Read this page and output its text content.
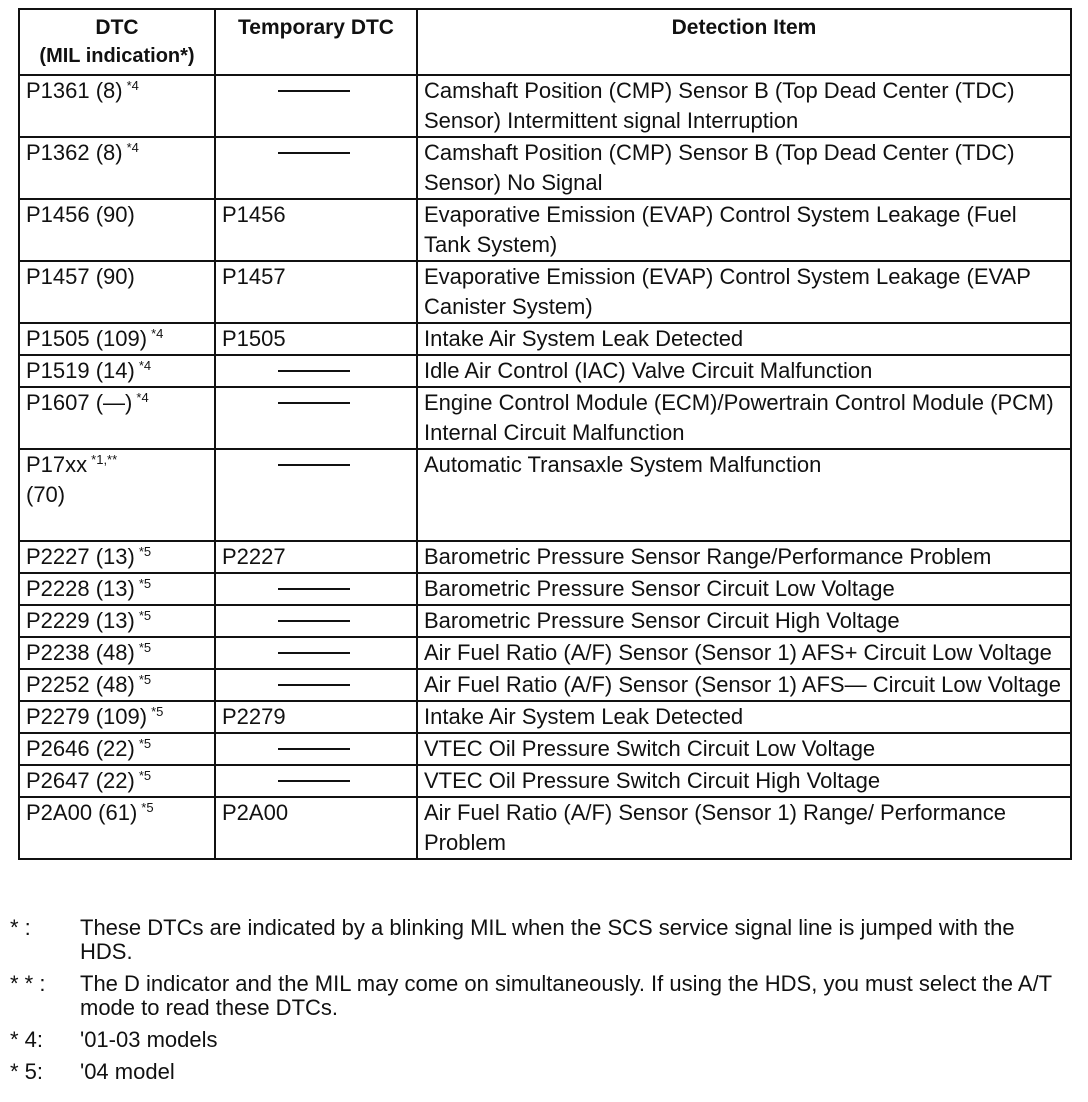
DTC
(MIL indication*)	Temporary DTC	Detection Item
P1361 (8) $^{*4}$		Camshaft Position (CMP) Sensor B (Top Dead Center (TDC) Sensor) Intermittent signal Interruption
P1362 (8) $^{*4}$		Camshaft Position (CMP) Sensor B (Top Dead Center (TDC) Sensor) No Signal
P1456 (90)	P1456	Evaporative Emission (EVAP) Control System Leakage (Fuel Tank System)
P1457 (90)	P1457	Evaporative Emission (EVAP) Control System Leakage (EVAP Canister System)
P1505 (109) $^{*4}$	P1505	Intake Air System Leak Detected
P1519 (14) $^{*4}$		Idle Air Control (IAC) Valve Circuit Malfunction
P1607 (—) $^{*4}$		Engine Control Module (ECM)/Powertrain Control Module (PCM) Internal Circuit Malfunction
P17xx $^{*1,**}$
(70)		Automatic Transaxle System Malfunction
P2227 (13) $^{*5}$	P2227	Barometric Pressure Sensor Range/Performance Problem
P2228 (13) $^{*5}$		Barometric Pressure Sensor Circuit Low Voltage
P2229 (13) $^{*5}$		Barometric Pressure Sensor Circuit High Voltage
P2238 (48) $^{*5}$		Air Fuel Ratio (A/F) Sensor (Sensor 1) AFS+ Circuit Low Voltage
P2252 (48) $^{*5}$		Air Fuel Ratio (A/F) Sensor (Sensor 1) AFS— Circuit Low Voltage
P2279 (109) $^{*5}$	P2279	Intake Air System Leak Detected
P2646 (22) $^{*5}$		VTEC Oil Pressure Switch Circuit Low Voltage
P2647 (22) $^{*5}$		VTEC Oil Pressure Switch Circuit High Voltage
P2A00 (61) $^{*5}$	P2A00	Air Fuel Ratio (A/F) Sensor (Sensor 1) Range/ Performance Problem
* :	These DTCs are indicated by a blinking MIL when the SCS service signal line is jumped with the HDS.
* * :	The D indicator and the MIL may come on simultaneously. If using the HDS, you must select the A/T mode to read these DTCs.
* 4:	'01-03 models
* 5:	'04 model
